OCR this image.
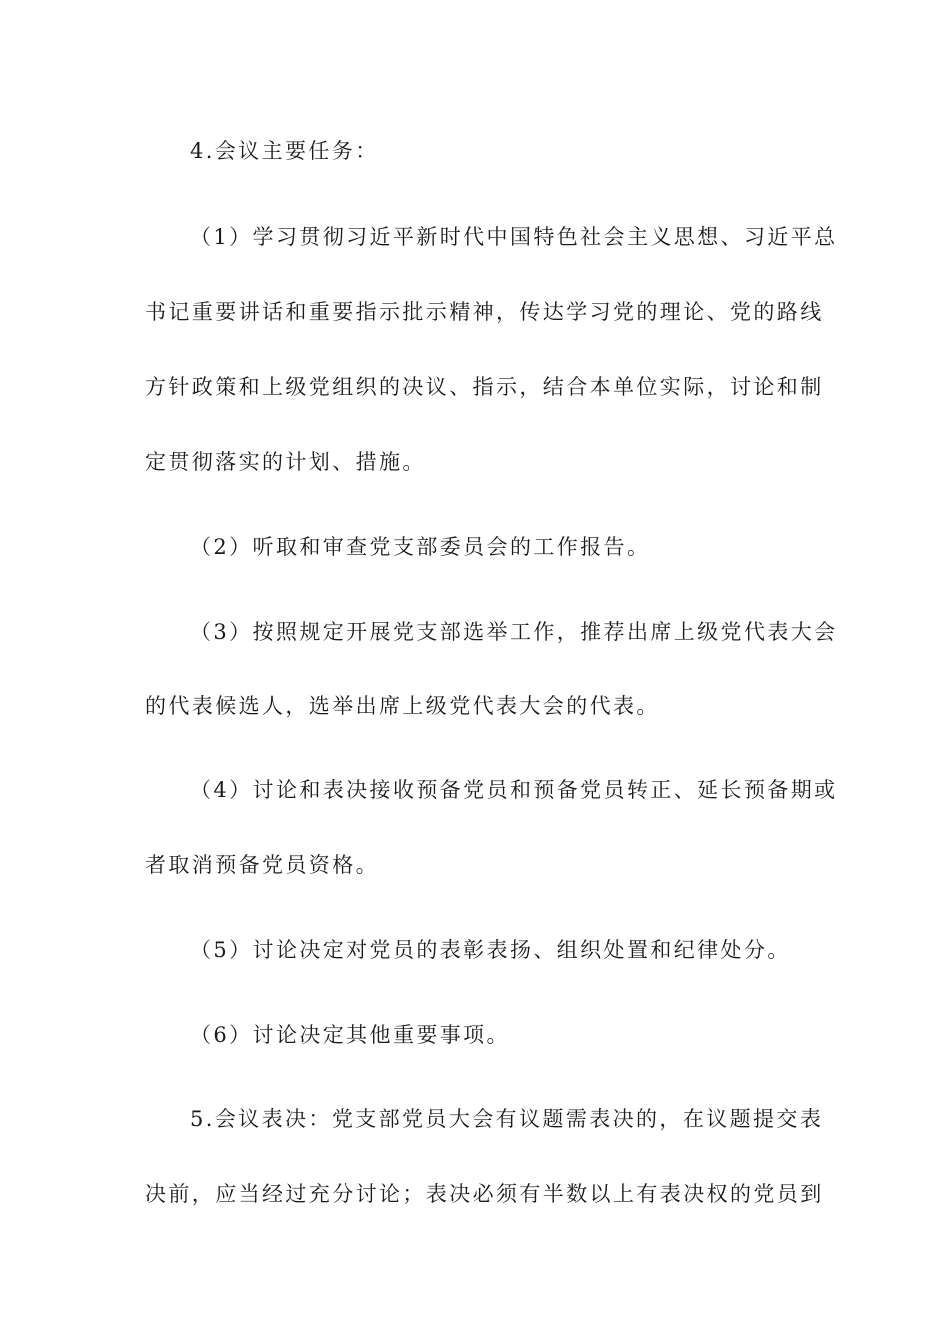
4.会议主要任务：
（1）学习贯彻习近平新时代中国特色社会主义思想、习近平总
书记重要讲话和重要指示批示精神，传达学习党的理论、党的路线
方针政策和上级党组织的决议、指示，结合本单位实际，讨论和制
定贯彻落实的计划、措施。
（2）听取和审查党支部委员会的工作报告。
（3）按照规定开展党支部选举工作，推荐出席上级党代表大会
的代表候选人，选举出席上级党代表大会的代表。
（4）讨论和表决接收预备党员和预备党员转正、延长预备期或
者取消预备党员资格。
（5）讨论决定对党员的表彰表扬、组织处置和纪律处分。
（6）讨论决定其他重要事项。
5.会议表决：党支部党员大会有议题需表决的，在议题提交表
决前，应当经过充分讨论；表决必须有半数以上有表决权的党员到
